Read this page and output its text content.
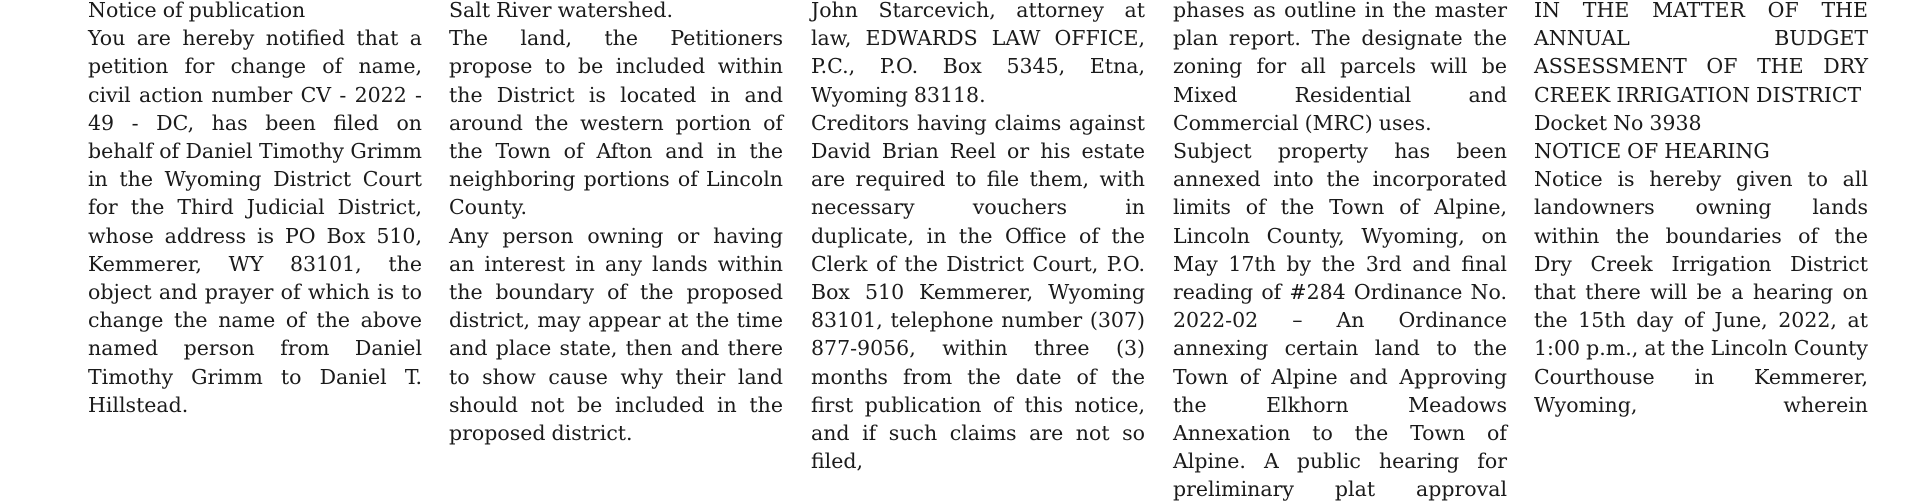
Notice of publication
You are hereby notified that a petition for change of name, civil action number CV - 2022 - 49 - DC, has been filed on behalf of Daniel Timothy Grimm in the Wyoming District Court for the Third Judicial District, whose address is PO Box 510, Kemmerer, WY 83101, the object and prayer of which is to change the name of the above named person from Daniel Timothy Grimm to Daniel T. Hillstead.
Salt River watershed.
The land, the Petitioners propose to be included within the District is located in and around the western portion of the Town of Afton and in the neighboring portions of Lincoln County.
Any person owning or having an interest in any lands within the boundary of the proposed district, may appear at the time and place state, then and there to show cause why their land should not be included in the proposed district.
John Starcevich, attorney at law, EDWARDS LAW OFFICE, P.C., P.O. Box 5345, Etna, Wyoming 83118.
Creditors having claims against David Brian Reel or his estate are required to file them, with necessary vouchers in duplicate, in the Office of the Clerk of the District Court, P.O. Box 510 Kemmerer, Wyoming 83101, telephone number (307) 877-9056, within three (3) months from the date of the first publication of this notice, and if such claims are not so filed,
phases as outline in the master plan report. The designate the zoning for all parcels will be Mixed Residential and Commercial (MRC) uses.
Subject property has been annexed into the incorporated limits of the Town of Alpine, Lincoln County, Wyoming, on May 17th by the 3rd and final reading of #284 Ordinance No. 2022-02 – An Ordinance annexing certain land to the Town of Alpine and Approving the Elkhorn Meadows Annexation to the Town of Alpine. A public hearing for preliminary plat approval
IN THE MATTER OF THE ANNUAL BUDGET ASSESSMENT OF THE DRY CREEK IRRIGATION DISTRICT
Docket No 3938
NOTICE OF HEARING
Notice is hereby given to all landowners owning lands within the boundaries of the Dry Creek Irrigation District that there will be a hearing on the 15th day of June, 2022, at 1:00 p.m., at the Lincoln County Courthouse in Kemmerer, Wyoming, wherein
